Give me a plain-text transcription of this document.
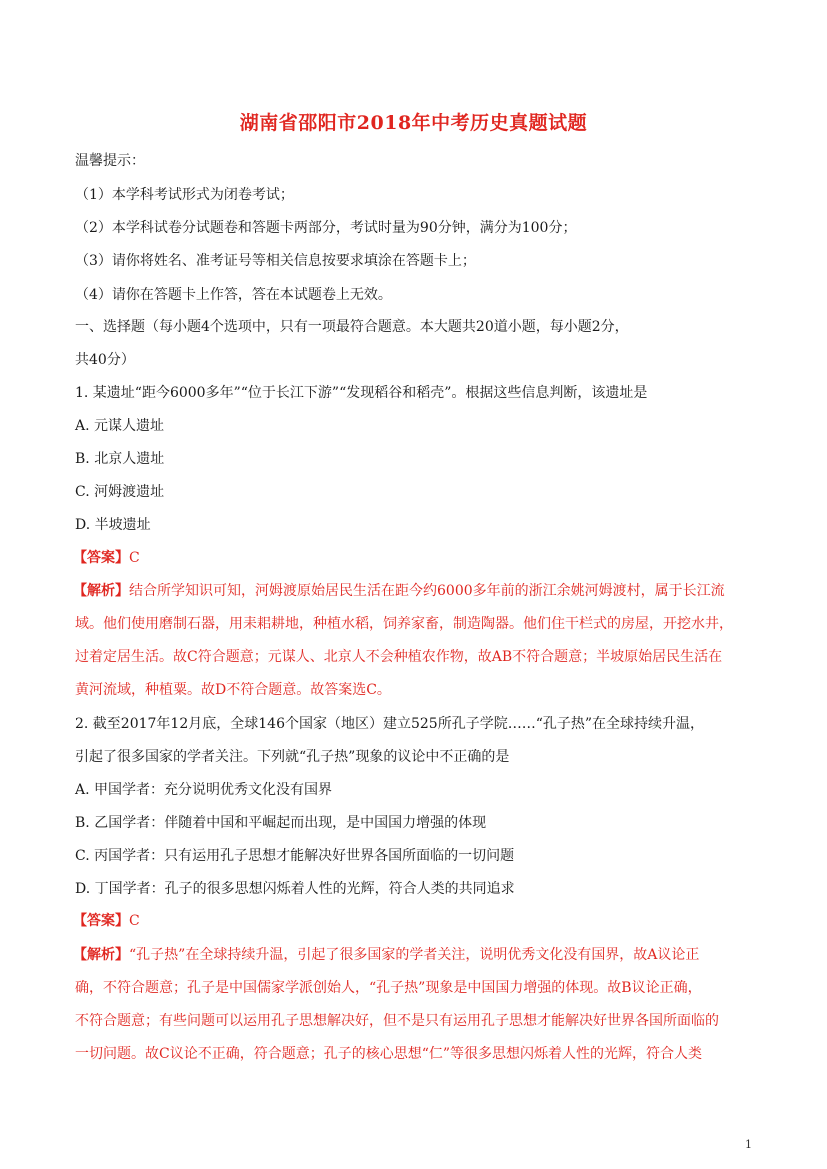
湖南省邵阳市2018年中考历史真题试题
温馨提示：
（1）本学科考试形式为闭卷考试；
（2）本学科试卷分试题卷和答题卡两部分，考试时量为90分钟，满分为100分；
（3）请你将姓名、准考证号等相关信息按要求填涂在答题卡上；
（4）请你在答题卡上作答，答在本试题卷上无效。
一、选择题（每小题4个选项中，只有一项最符合题意。本大题共20道小题，每小题2分，
共40分）
1. 某遗址“距今6000多年”“位于长江下游”“发现稻谷和稻壳”。根据这些信息判断，该遗址是
A. 元谋人遗址
B. 北京人遗址
C. 河姆渡遗址
D. 半坡遗址
【答案】C
【解析】结合所学知识可知，河姆渡原始居民生活在距今约6000多年前的浙江余姚河姆渡村，属于长江流
域。他们使用磨制石器，用耒耜耕地，种植水稻，饲养家畜，制造陶器。他们住干栏式的房屋，开挖水井，
过着定居生活。故C符合题意；元谋人、北京人不会种植农作物，故AB不符合题意；半坡原始居民生活在
黄河流域，种植粟。故D不符合题意。故答案选C。
2. 截至2017年12月底，全球146个国家（地区）建立525所孔子学院……“孔子热”在全球持续升温，
引起了很多国家的学者关注。下列就“孔子热”现象的议论中不正确的是
A. 甲国学者：充分说明优秀文化没有国界
B. 乙国学者：伴随着中国和平崛起而出现，是中国国力增强的体现
C. 丙国学者：只有运用孔子思想才能解决好世界各国所面临的一切问题
D. 丁国学者：孔子的很多思想闪烁着人性的光辉，符合人类的共同追求
【答案】C
【解析】“孔子热”在全球持续升温，引起了很多国家的学者关注，说明优秀文化没有国界，故A议论正
确，不符合题意；孔子是中国儒家学派创始人，“孔子热”现象是中国国力增强的体现。故B议论正确，
不符合题意；有些问题可以运用孔子思想解决好，但不是只有运用孔子思想才能解决好世界各国所面临的
一切问题。故C议论不正确，符合题意；孔子的核心思想“仁”等很多思想闪烁着人性的光辉，符合人类
1
